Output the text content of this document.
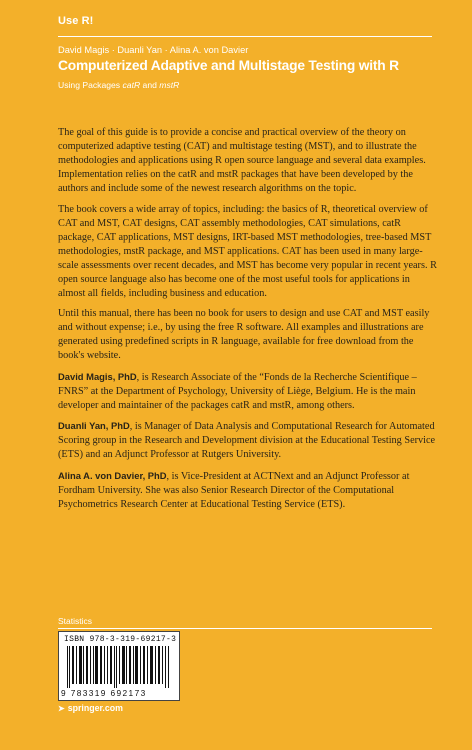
Use R!
David Magis · Duanli Yan · Alina A. von Davier
Computerized Adaptive and Multistage Testing with R
Using Packages catR and mstR

The goal of this guide is to provide a concise and practical overview of the theory on computerized adaptive testing (CAT) and multistage testing (MST), and to illustrate the methodologies and applications using R open source language and several data examples. Implementation relies on the catR and mstR packages that have been developed by the authors and include some of the newest research algorithms on the topic.

The book covers a wide array of topics, including: the basics of R, theoretical overview of CAT and MST, CAT designs, CAT assembly methodologies, CAT simulations, catR package, CAT applications, MST designs, IRT-based MST methodologies, tree-based MST methodologies, mstR package, and MST applications. CAT has been used in many large-scale assessments over recent decades, and MST has become very popular in recent years. R open source language also has become one of the most useful tools for applications in almost all fields, including business and education.

Until this manual, there has been no book for users to design and use CAT and MST easily and without expense; i.e., by using the free R software. All examples and illustrations are generated using predefined scripts in R language, available for free download from the book's website.

David Magis, PhD, is Research Associate of the “Fonds de la Recherche Scientifique – FNRS” at the Department of Psychology, University of Liège, Belgium. He is the main developer and maintainer of the packages catR and mstR, among others.

Duanli Yan, PhD, is Manager of Data Analysis and Computational Research for Automated Scoring group in the Research and Development division at the Educational Testing Service (ETS) and an Adjunct Professor at Rutgers University.

Alina A. von Davier, PhD, is Vice-President at ACTNext and an Adjunct Professor at Fordham University. She was also Senior Research Director of the Computational Psychometrics Research Center at Educational Testing Service (ETS).

Statistics
ISBN 978-3-319-69217-3
9 783319 692173
➤ springer.com
